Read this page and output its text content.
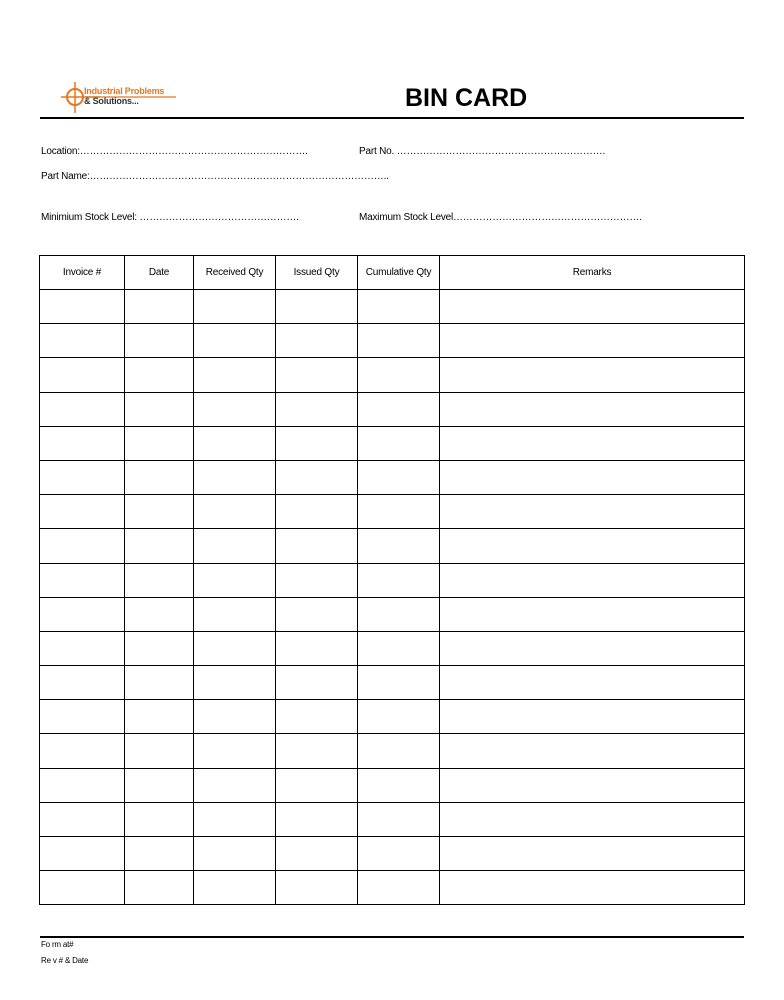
Industrial Problems
& Solutions...	BIN CARD
Location:…………………………………………………………….	Part No. ……………………………………………………….
Part Name:………………………………………………………………………………..
Minimium Stock Level: ………………………………………….	Maximum Stock Level………………………………………………….
Invoice #	Date	Received Qty	Issued Qty	Cumulative Qty	Remarks

Fo rm at#
Re v # & Date
